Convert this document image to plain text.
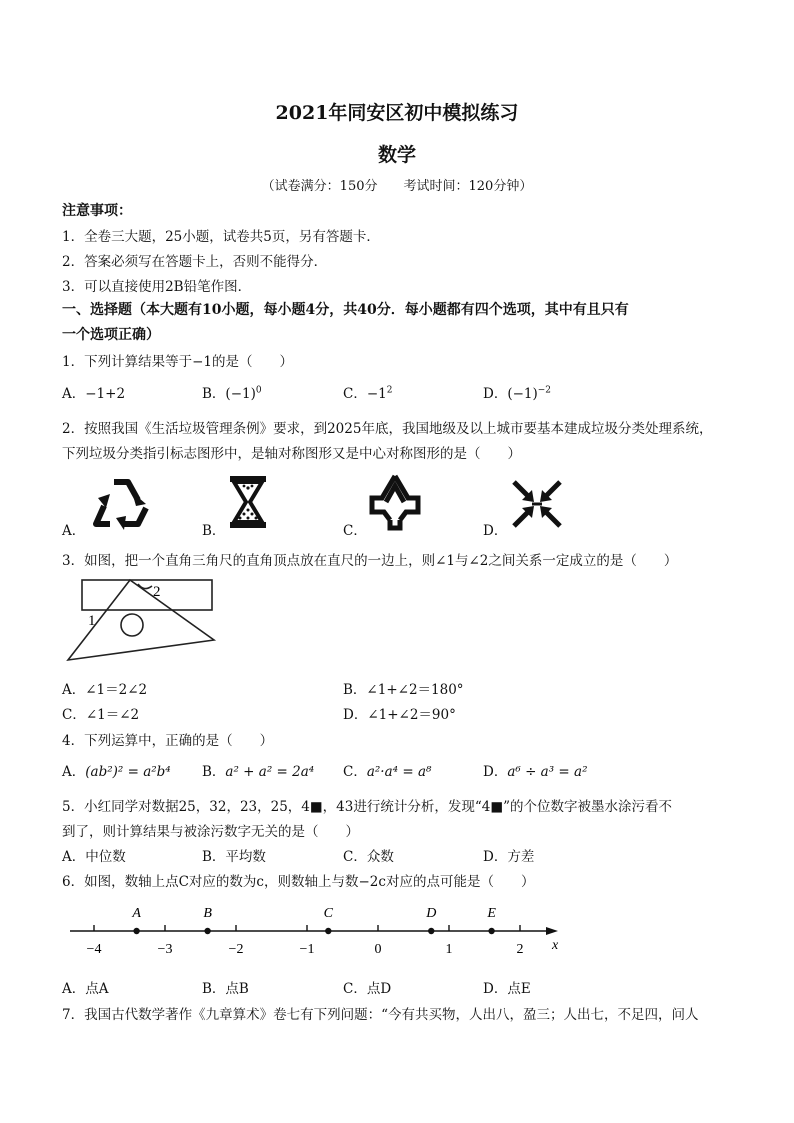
2021年同安区初中模拟练习
数学
（试卷满分：150分 考试时间：120分钟）
注意事项：
1．全卷三大题，25小题，试卷共5页，另有答题卡．
2．答案必须写在答题卡上，否则不能得分．
3．可以直接使用2B铅笔作图．
一、选择题（本大题有10小题，每小题4分，共40分．每小题都有四个选项，其中有且只有
一个选项正确）
1．下列计算结果等于−1的是（　　）
A．−1+2	B．$(-1)^0$	C．$-1^2$	D．$(-1)^{-2}$
2．按照我国《生活垃圾管理条例》要求，到2025年底，我国地级及以上城市要基本建成垃圾分类处理系统，
下列垃圾分类指引标志图形中，是轴对称图形又是中心对称图形的是（　　）
A．	B．	C．	D．
3．如图，把一个直角三角尺的直角顶点放在直尺的一边上，则∠1与∠2之间关系一定成立的是（　　）
1
2
A．∠1＝2∠2	B．∠1+∠2＝180°
C．∠1＝∠2	D．∠1+∠2＝90°
4．下列运算中，正确的是（　　）
A．(ab²)² = a²b⁴ B．a² + a² = 2a⁴ C．a²·a⁴ = a⁸	D．a⁶ ÷ a³ = a²
5．小红同学对数据25，32，23，25，4■，43进行统计分析，发现“4■”的个位数字被墨水涂污看不
到了，则计算结果与被涂污数字无关的是（　　）
A．中位数	B．平均数	C．众数	D．方差
6．如图，数轴上点C对应的数为c，则数轴上与数−2c对应的点可能是（　　）
−4	−3	−2	−1	0	1	2
A	B	C	D	E
x
A．点A	B．点B	C．点D	D．点E
7．我国古代数学著作《九章算术》卷七有下列问题：“今有共买物，人出八，盈三；人出七，不足四，问人
